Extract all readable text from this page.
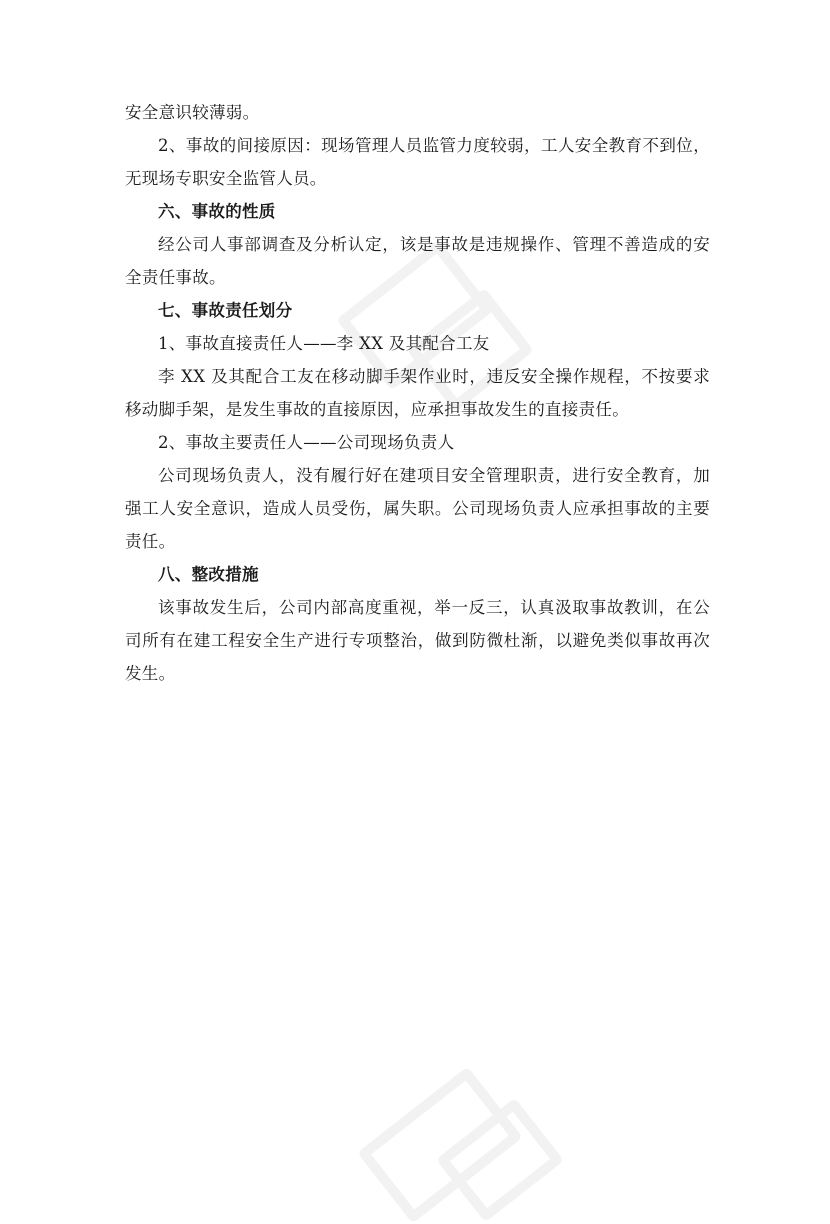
安全意识较薄弱。

2、事故的间接原因：现场管理人员监管力度较弱，工人安全教育不到位，无现场专职安全监管人员。

六、事故的性质

经公司人事部调查及分析认定，该是事故是违规操作、管理不善造成的安全责任事故。

七、事故责任划分

1、事故直接责任人——李 XX 及其配合工友

李 XX 及其配合工友在移动脚手架作业时，违反安全操作规程，不按要求移动脚手架，是发生事故的直接原因，应承担事故发生的直接责任。

2、事故主要责任人——公司现场负责人

公司现场负责人，没有履行好在建项目安全管理职责，进行安全教育，加强工人安全意识，造成人员受伤，属失职。公司现场负责人应承担事故的主要责任。

八、整改措施

该事故发生后，公司内部高度重视，举一反三，认真汲取事故教训，在公司所有在建工程安全生产进行专项整治，做到防微杜渐，以避免类似事故再次发生。
